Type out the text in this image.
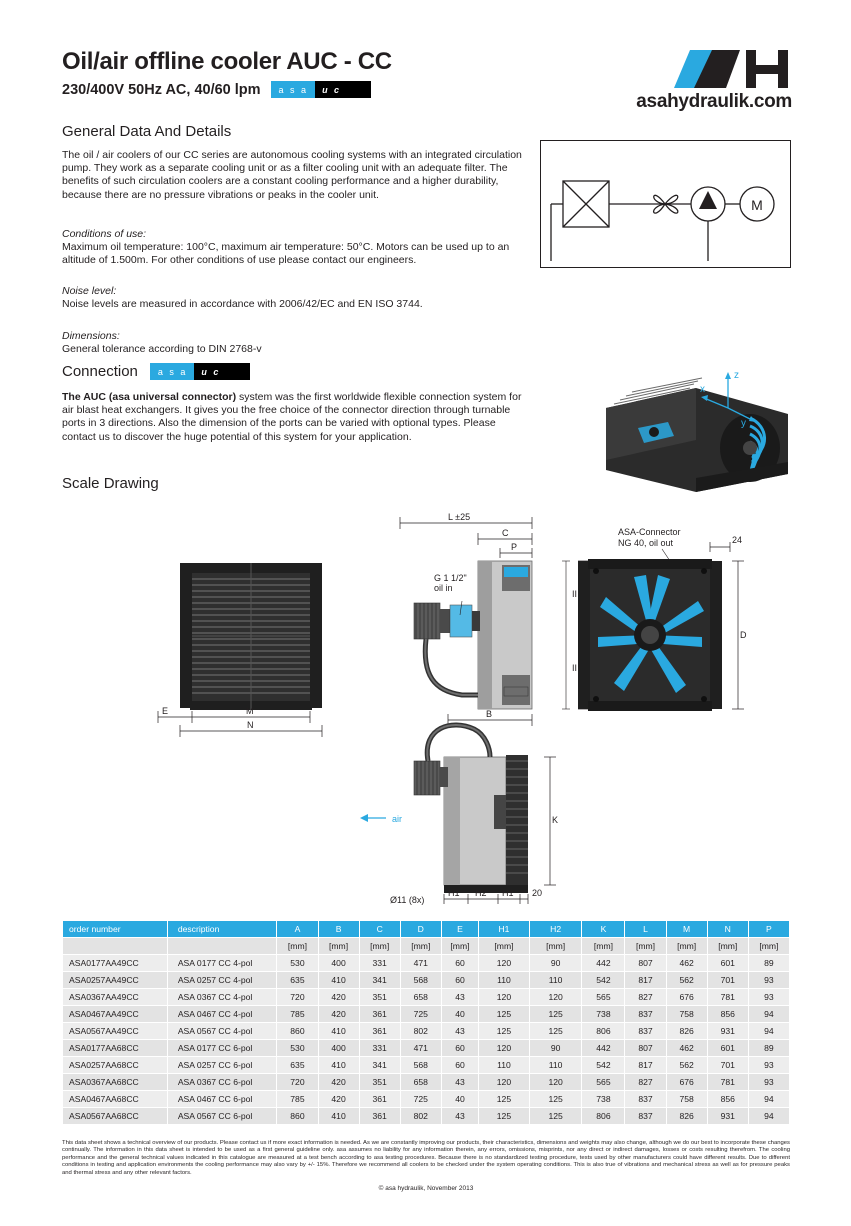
Oil/air offline cooler AUC - CC
230/400V 50Hz AC, 40/60 lpm	a s a	u c
asahydraulik.com
General Data And Details
The oil / air coolers of our CC series are autonomous cooling systems with an integrated circulation pump. They work as a separate cooling unit or as a filter cooling unit with an adequate filter. The benefits of such circulation coolers are a constant cooling performance and a higher durability, because there are no pressure vibrations or peaks in the cooler unit.
Conditions of use:
Maximum oil temperature: 100°C, maximum air temperature: 50°C. Motors can be used up to an altitude of 1.500m. For other conditions of use please contact our engineers.
Noise level:
Noise levels are measured in accordance with 2006/42/EC and EN ISO 3744.
Dimensions:
General tolerance according to DIN 2768-v
Connection	a s a	u c
The AUC (asa universal connector) system was the first worldwide flexible connection system for air blast heat exchangers. It gives you the free choice of the connector direction through turnable ports in 3 directions. Also the dimension of the ports can be varied with optional types. Please contact us to discover the huge potential of this system for your application.
Scale Drawing
M
z
x
y
E	M
N
L ±25
C
P
G 1 1/2"
oil in
II
II
B
ASA-Connector
NG 40, oil out	24
D
air	K
Ø11 (8x)
H1 H2 H1 20
order number	description	A	B	C	D	E	H1	H2	K	L	M	N	P
		[mm]	[mm]	[mm]	[mm]	[mm]	[mm]	[mm]	[mm]	[mm]	[mm]	[mm]	[mm]
ASA0177AA49CC	ASA 0177 CC 4-pol	530	400	331	471	60	120	90	442	807	462	601	89
ASA0257AA49CC	ASA 0257 CC 4-pol	635	410	341	568	60	110	110	542	817	562	701	93
ASA0367AA49CC	ASA 0367 CC 4-pol	720	420	351	658	43	120	120	565	827	676	781	93
ASA0467AA49CC	ASA 0467 CC 4-pol	785	420	361	725	40	125	125	738	837	758	856	94
ASA0567AA49CC	ASA 0567 CC 4-pol	860	410	361	802	43	125	125	806	837	826	931	94
ASA0177AA68CC	ASA 0177 CC 6-pol	530	400	331	471	60	120	90	442	807	462	601	89
ASA0257AA68CC	ASA 0257 CC 6-pol	635	410	341	568	60	110	110	542	817	562	701	93
ASA0367AA68CC	ASA 0367 CC 6-pol	720	420	351	658	43	120	120	565	827	676	781	93
ASA0467AA68CC	ASA 0467 CC 6-pol	785	420	361	725	40	125	125	738	837	758	856	94
ASA0567AA68CC	ASA 0567 CC 6-pol	860	410	361	802	43	125	125	806	837	826	931	94
This data sheet shows a technical overview of our products. Please contact us if more exact information is needed. As we are constantly improving our products, their characteristics, dimensions and weights may also change, although we do our best to incorporate these changes continually. The information in this data sheet is intended to be used as a first general guideline only. asa assumes no liability for any information therein, any errors, omissions, misprints, nor any direct or indirect damages, losses or costs resulting therefrom. The cooling performance and the general technical values indicated in this catalogue are measured at a test bench according to asa testing procedures. Because there is no standardized testing procedure, tests used by other manufacturers could have different results. Due to different conditions in testing and application environments the cooling performance may also vary by +/- 15%. Therefore we recommend all coolers to be checked under the system operating conditions. This is also true of vibrations and mechanical stress as well as for pressure peaks and thermal stress and any other relevant factors.
© asa hydraulik, November 2013
